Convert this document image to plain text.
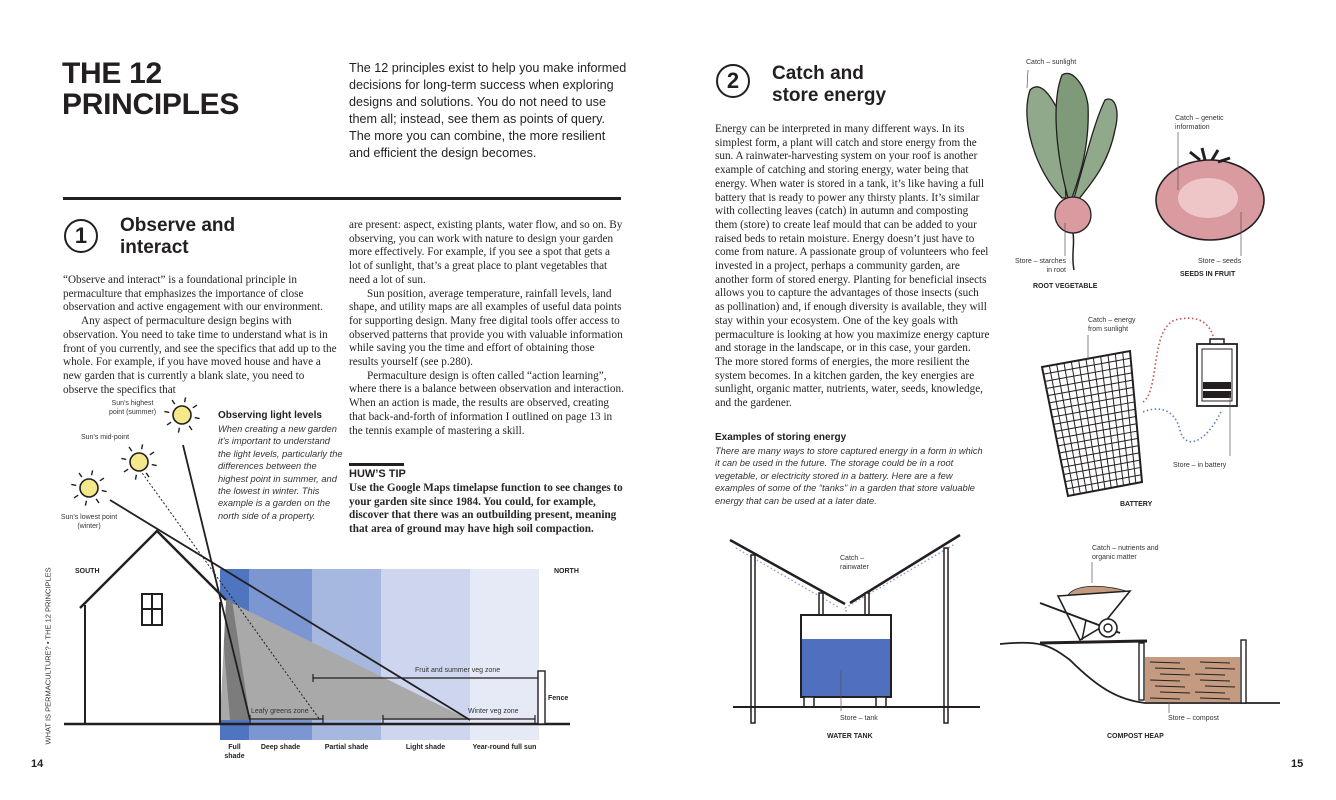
THE 12
PRINCIPLES
The 12 principles exist to help you make informed decisions for long-term success when exploring designs and solutions. You do not need to use them all; instead, see them as points of query. The more you can combine, the more resilient and efficient the design becomes.
1	Observe and
interact

“Observe and interact” is a foundational principle in permaculture that emphasizes the importance of close observation and active engagement with our environment.

Any aspect of permaculture design begins with observation. You need to take time to understand what is in front of you currently, and see the specifics that add up to the whole. For example, if you have moved house and have a new garden that is currently a blank slate, you need to observe the specifics that

are present: aspect, existing plants, water flow, and so on. By observing, you can work with nature to design your garden more effectively. For example, if you see a spot that gets a lot of sunlight, that’s a great place to plant vegetables that need a lot of sun.

Sun position, average temperature, rainfall levels, land shape, and utility maps are all examples of useful data points for supporting design. Many free digital tools offer access to observed patterns that provide you with valuable information while saving you the time and effort of obtaining those results yourself (see p.280).

Permaculture design is often called “action learning”, where there is a balance between observation and interaction. When an action is made, the results are observed, creating that back-and-forth of information I outlined on page 13 in the tennis example of mastering a skill.

HUW’S TIP
Use the Google Maps timelapse function to see changes to your garden site since 1984. You could, for example, discover that there was an outbuilding present, meaning that area of ground may have high soil compaction.
Observing light levels
When creating a new garden it’s important to understand the light levels, particularly the differences between the highest point in summer, and the lowest in winter. This example is a garden on the north side of a property.
Sun’s highest point (summer)
Sun’s mid-point
Sun’s lowest point (winter)
SOUTH	NORTH
Fence
Fruit and summer veg zone
Leafy greens zone	Winter veg zone
Full shade
Deep shade	Partial shade	Light shade	Year-round full sun
WHAT IS PERMACULTURE? • THE 12 PRINCIPLES
14
2	Catch and
store energy
Energy can be interpreted in many different ways. In its simplest form, a plant will catch and store energy from the sun. A rainwater-harvesting system on your roof is another example of catching and storing energy, water being that energy. When water is stored in a tank, it’s like having a full battery that is ready to power any thirsty plants. It’s similar with collecting leaves (catch) in autumn and composting them (store) to create leaf mould that can be added to your raised beds to retain moisture. Energy doesn’t just have to come from nature. A passionate group of volunteers who feel invested in a project, perhaps a community garden, are another form of stored energy. Planting for beneficial insects allows you to capture the advantages of those insects (such as pollination) and, if enough diversity is available, they will stay within your ecosystem. One of the key goals with permaculture is looking at how you maximize energy capture and storage in the landscape, or in this case, your garden. The more stored forms of energies, the more resilient the system becomes. In a kitchen garden, the key energies are sunlight, organic matter, nutrients, water, seeds, knowledge, and the gardener.
Examples of storing energy
There are many ways to store captured energy in a form in which it can be used in the future. The storage could be in a root vegetable, or electricity stored in a battery. Here are a few examples of some of the “tanks” in a garden that store valuable energy that can be used at a later date.
Catch – sunlight
Store – starches in root
ROOT VEGETABLE
Catch – genetic information
Store – seeds
SEEDS IN FRUIT
Catch – energy from sunlight
Store – in battery
BATTERY
Catch – rainwater
Store – tank
WATER TANK
Catch – nutrients and organic matter
Store – compost
COMPOST HEAP
15
